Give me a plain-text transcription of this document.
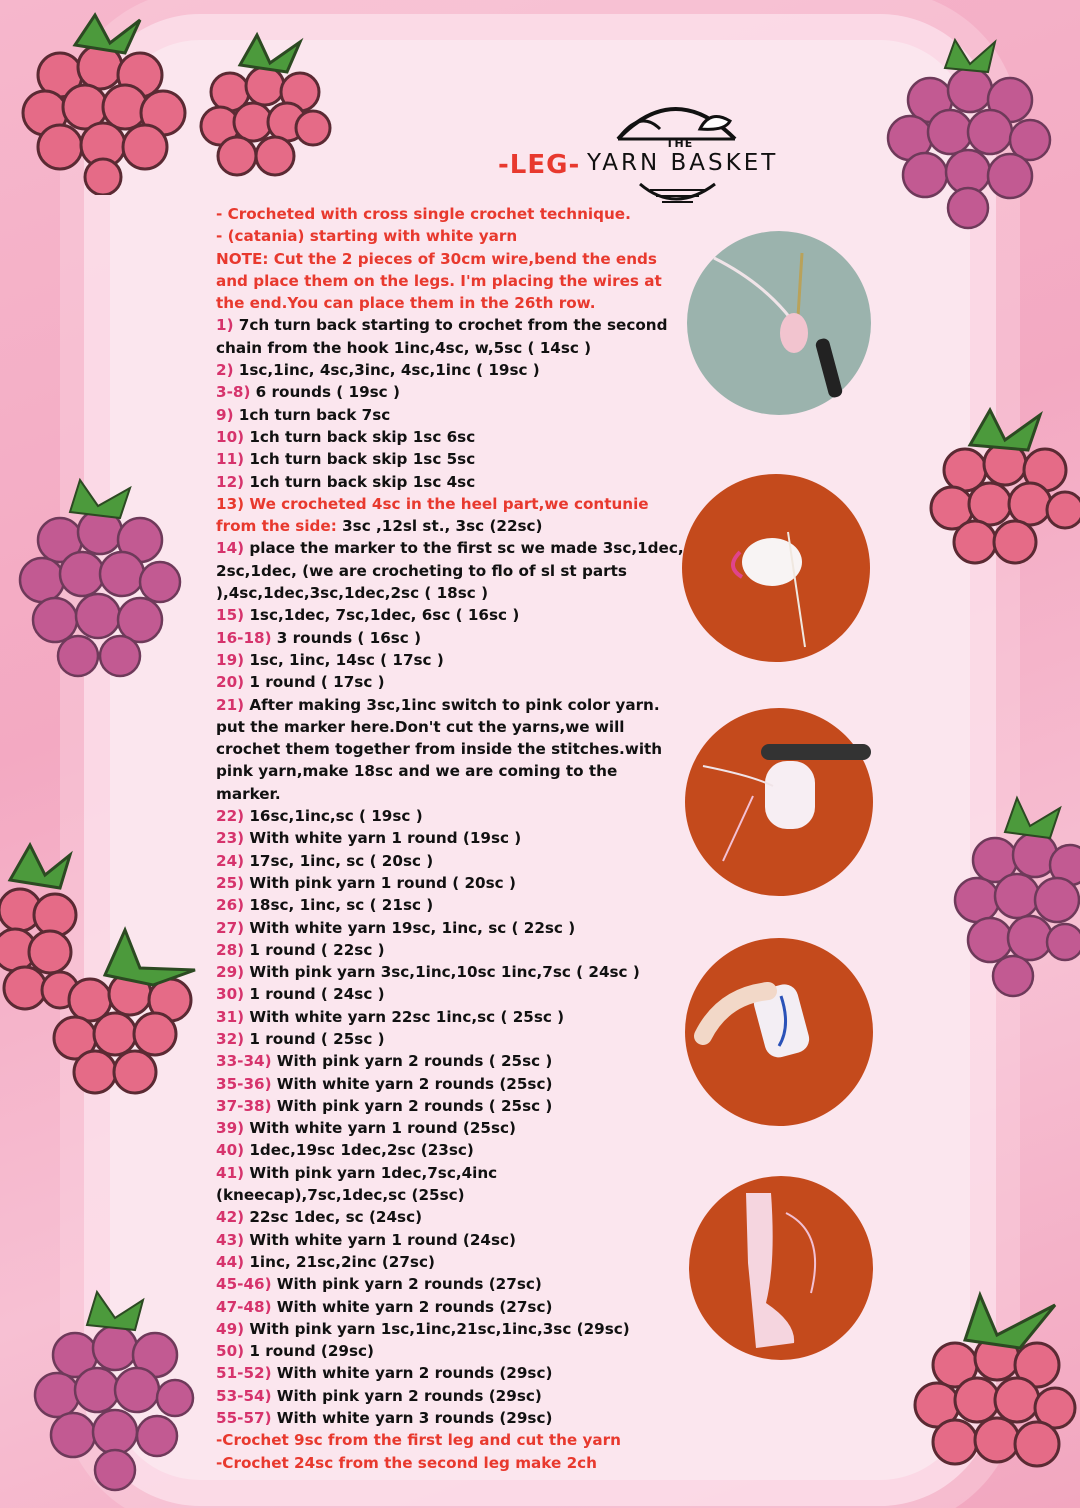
-LEG-
THE
YARN BASKET

- Crocheted with cross single crochet technique.

- (catania) starting with white yarn

NOTE: Cut the 2 pieces of 30cm wire,bend the ends and place them on the legs. I'm placing the wires at the end.You can place them in the 26th row.

1) 7ch turn back starting to crochet from the second chain from the hook 1inc,4sc, w,5sc ( 14sc )

2) 1sc,1inc, 4sc,3inc, 4sc,1inc ( 19sc )

3-8) 6 rounds ( 19sc )

9) 1ch turn back 7sc

10) 1ch turn back skip 1sc 6sc

11) 1ch turn back skip 1sc 5sc

12) 1ch turn back skip 1sc 4sc

13) We crocheted 4sc in the heel part,we contunie from the side: 3sc ,12sl st., 3sc (22sc)

14) place the marker to the first sc we made 3sc,1dec, 2sc,1dec, (we are crocheting to flo of sl st parts ),4sc,1dec,3sc,1dec,2sc ( 18sc )

15) 1sc,1dec, 7sc,1dec, 6sc ( 16sc )

16-18) 3 rounds ( 16sc )

19) 1sc, 1inc, 14sc ( 17sc )

20) 1 round ( 17sc )

21) After making 3sc,1inc switch to pink color yarn. put the marker here.Don't cut the yarns,we will crochet them together from inside the stitches.with pink yarn,make 18sc and we are coming to the marker.

22) 16sc,1inc,sc ( 19sc )

23) With white yarn 1 round (19sc )

24) 17sc, 1inc, sc ( 20sc )

25) With pink yarn 1 round ( 20sc )

26) 18sc, 1inc, sc ( 21sc )

27) With white yarn 19sc, 1inc, sc ( 22sc )

28) 1 round ( 22sc )

29) With pink yarn 3sc,1inc,10sc 1inc,7sc ( 24sc )

30) 1 round ( 24sc )

31) With white yarn 22sc 1inc,sc ( 25sc )

32) 1 round ( 25sc )

33-34) With pink yarn 2 rounds ( 25sc )

35-36) With white yarn 2 rounds (25sc)

37-38) With pink yarn 2 rounds ( 25sc )

39) With white yarn 1 round (25sc)

40) 1dec,19sc 1dec,2sc (23sc)

41) With pink yarn 1dec,7sc,4inc (kneecap),7sc,1dec,sc (25sc)

42) 22sc 1dec, sc (24sc)

43) With white yarn 1 round (24sc)

44) 1inc, 21sc,2inc (27sc)

45-46) With pink yarn 2 rounds (27sc)

47-48) With white yarn 2 rounds (27sc)

49) With pink yarn 1sc,1inc,21sc,1inc,3sc (29sc)

50) 1 round (29sc)

51-52) With white yarn 2 rounds (29sc)

53-54) With pink yarn 2 rounds (29sc)

55-57) With white yarn 3 rounds (29sc)

-Crochet 9sc from the first leg and cut the yarn

-Crochet 24sc from the second leg make 2ch
